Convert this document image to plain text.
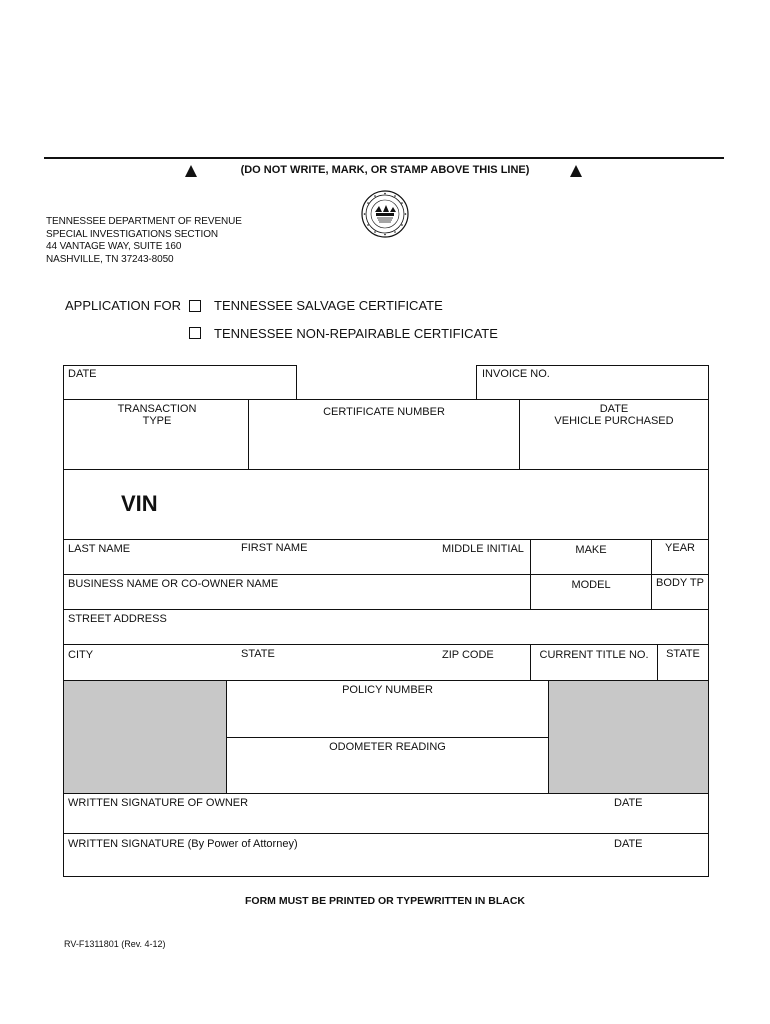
(DO NOT WRITE, MARK, OR STAMP ABOVE THIS LINE)
TENNESSEE DEPARTMENT OF REVENUE
SPECIAL INVESTIGATIONS SECTION
44 VANTAGE WAY, SUITE 160
NASHVILLE, TN 37243-8050
APPLICATION FOR	TENNESSEE SALVAGE CERTIFICATE
TENNESSEE NON-REPAIRABLE CERTIFICATE
DATE	INVOICE NO.
TRANSACTION
TYPE
CERTIFICATE NUMBER	DATE
VEHICLE PURCHASED
VIN
LAST NAME	FIRST NAME	MIDDLE INITIAL	MAKE	YEAR
BUSINESS NAME OR CO-OWNER NAME	MODEL	BODY TP
STREET ADDRESS
CITY	STATE	ZIP CODE	CURRENT TITLE NO.	STATE
POLICY NUMBER
ODOMETER READING
WRITTEN SIGNATURE OF OWNER	DATE
WRITTEN SIGNATURE (By Power of Attorney)	DATE
FORM MUST BE PRINTED OR TYPEWRITTEN IN BLACK
RV-F1311801 (Rev. 4-12)
